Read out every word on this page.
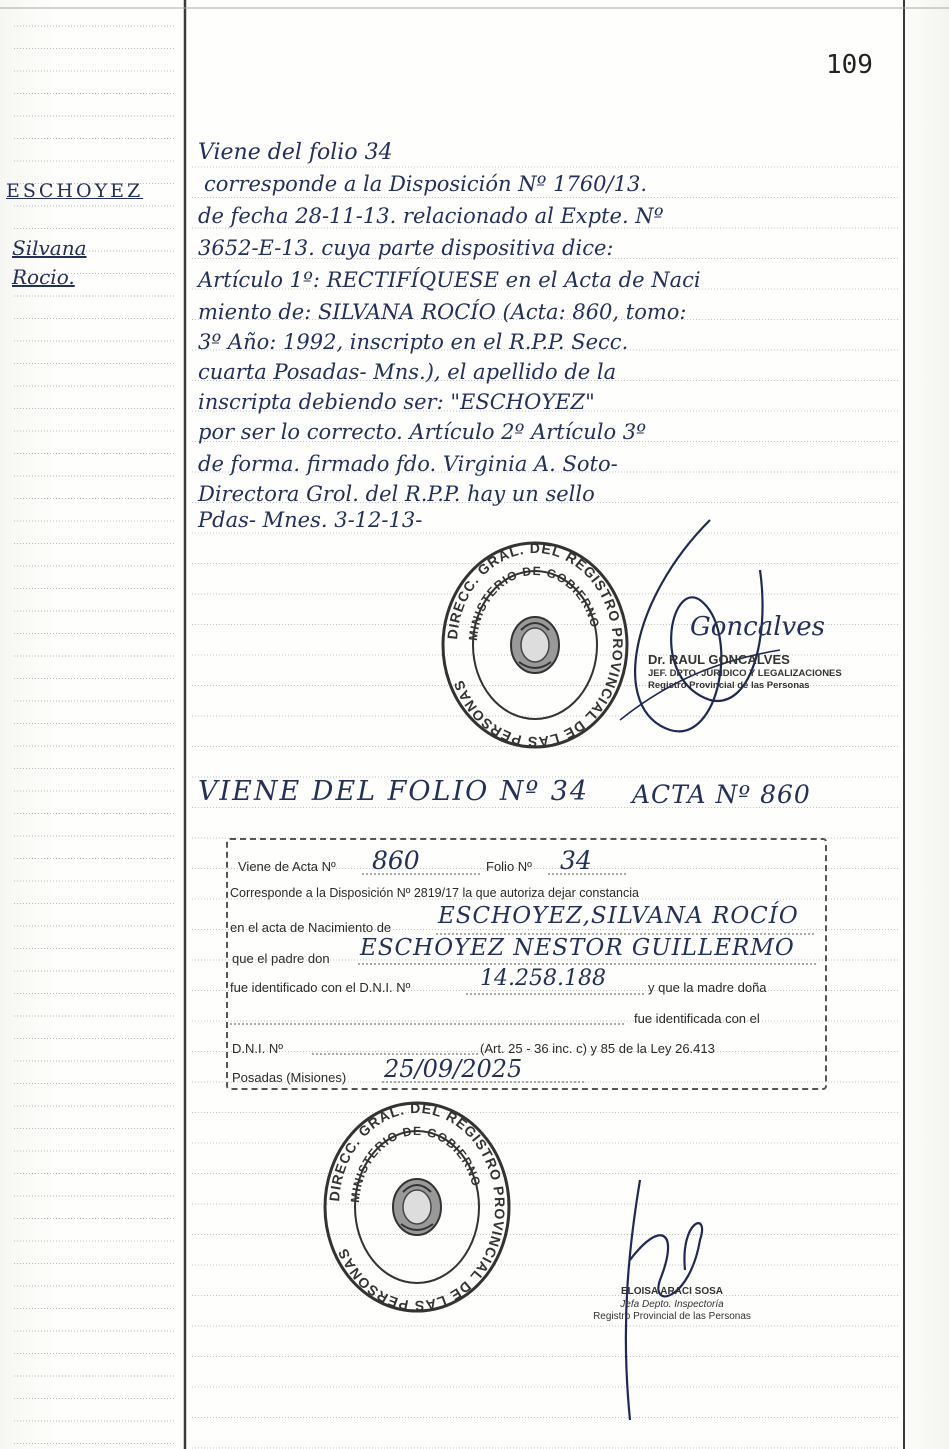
109
ESCHOYEZ
Silvana
Rocio.
Viene del folio 34
corresponde a la Disposición Nº 1760/13.
de fecha 28-11-13. relacionado al Expte. Nº
3652-E-13. cuya parte dispositiva dice:
Artículo 1º: RECTIFÍQUESE en el Acta de Naci
miento de: SILVANA ROCÍO (Acta: 860, tomo:
3º Año: 1992, inscripto en el R.P.P. Secc.
cuarta Posadas- Mns.), el apellido de la
inscripta debiendo ser: "ESCHOYEZ"
por ser lo correcto. Artículo 2º Artículo 3º
de forma. firmado fdo. Virginia A. Soto-
Directora Grol. del R.P.P. hay un sello
Pdas- Mnes. 3-12-13-
DIRECC. GRAL. DEL REGISTRO PROVINCIAL DE LAS PERSONAS
MINISTERIO DE GOBIERNO	Goncalves
Dr. RAUL GONCALVES
JEF. DPTO. JURIDICO Y LEGALIZACIONES
Registro Provincial de las Personas
VIENE DEL FOLIO Nº 34 ACTA Nº 860
Viene de Acta Nº 860	Folio Nº 34
Corresponde a la Disposición Nº 2819/17 la que autoriza dejar constancia
en el acta de Nacimiento de ESCHOYEZ,SILVANA ROCÍO
que el padre don ESCHOYEZ NESTOR GUILLERMO
fue identificado con el D.N.I. Nº	14.258.188	y que la madre doña
fue identificada con el
D.N.I. Nº	(Art. 25 - 36 inc. c) y 85 de la Ley 26.413
Posadas (Misiones) 25/09/2025
DIRECC. GRAL. DEL REGISTRO PROVINCIAL DE LAS PERSONAS
MINISTERIO DE GOBIERNO
ELOISA ARACI SOSA
Jefa Depto. Inspectoría
Registro Provincial de las Personas
